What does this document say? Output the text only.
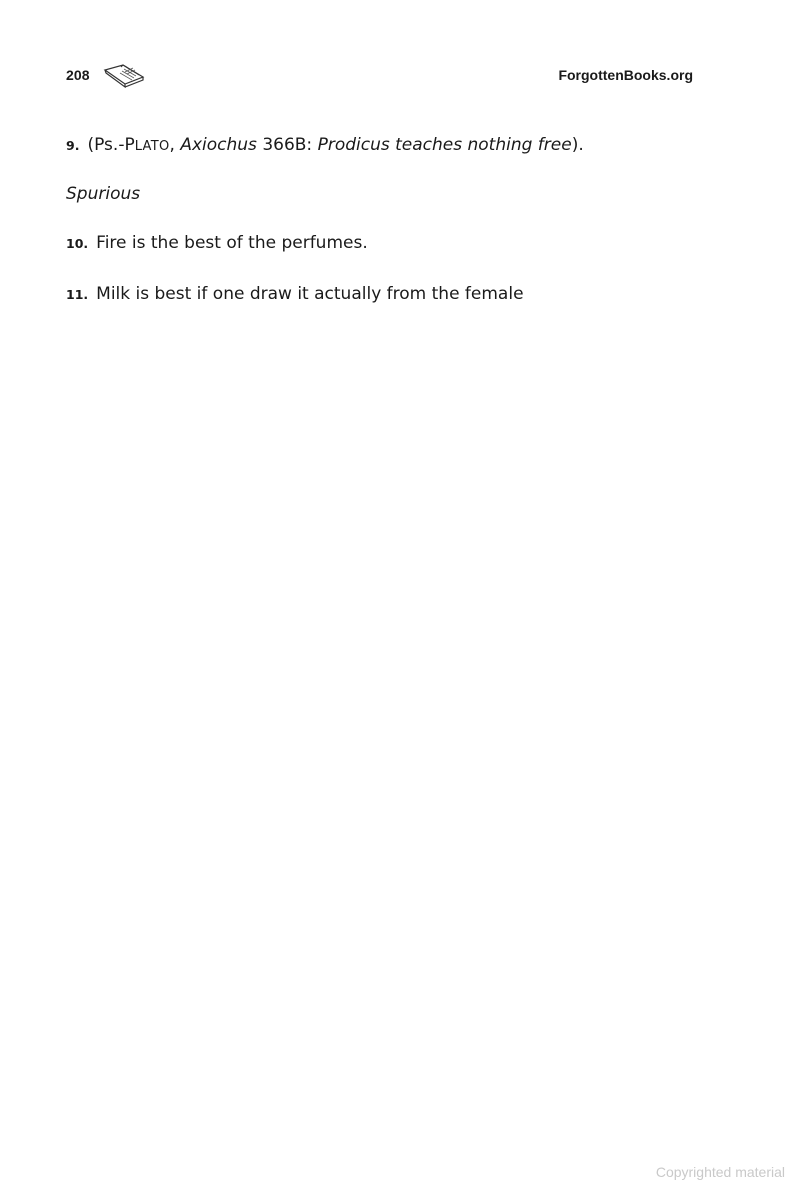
208	ForgottenBooks.org
9. (Ps.-PLATO, Axiochus 366B: Prodicus teaches nothing free).
Spurious
10. Fire is the best of the perfumes.
11. Milk is best if one draw it actually from the female
Copyrighted material
